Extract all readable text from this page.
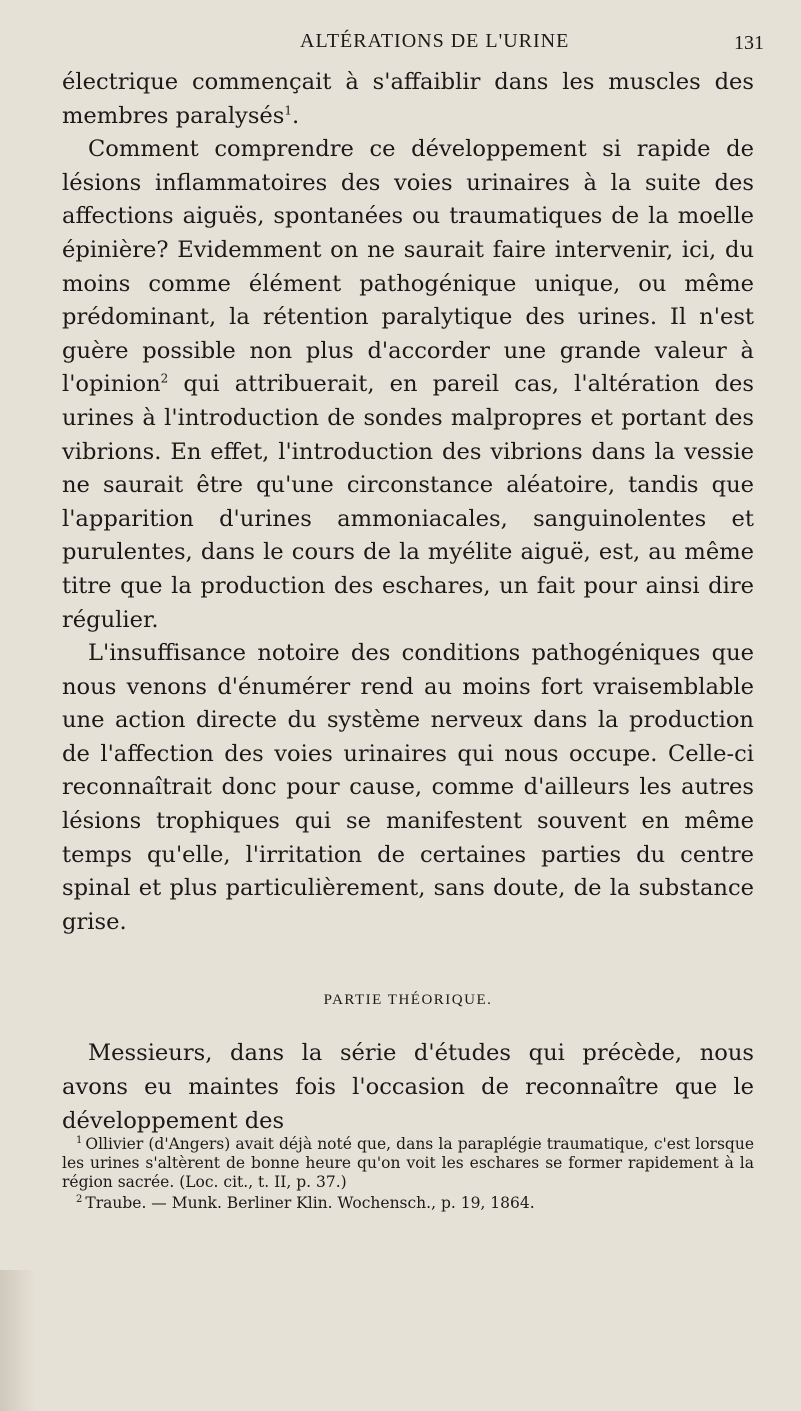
ALTÉRATIONS DE L'URINE	131

électrique commençait à s'affaiblir dans les muscles des membres paralysés$^1$.

Comment comprendre ce développement si rapide de lésions inflammatoires des voies urinaires à la suite des affections aiguës, spontanées ou traumatiques de la moelle épinière? Evidemment on ne saurait faire intervenir, ici, du moins comme élément pathogénique unique, ou même prédominant, la rétention paralytique des urines. Il n'est guère possible non plus d'accorder une grande valeur à l'opinion$^2$ qui attribuerait, en pareil cas, l'altération des urines à l'introduction de sondes malpropres et portant des vibrions. En effet, l'introduction des vibrions dans la vessie ne saurait être qu'une circonstance aléatoire, tandis que l'apparition d'urines ammoniacales, sanguinolentes et purulentes, dans le cours de la myélite aiguë, est, au même titre que la production des eschares, un fait pour ainsi dire régulier.

L'insuffisance notoire des conditions pathogéniques que nous venons d'énumérer rend au moins fort vraisemblable une action directe du système nerveux dans la production de l'affection des voies urinaires qui nous occupe. Celle-ci reconnaîtrait donc pour cause, comme d'ailleurs les autres lésions trophiques qui se manifestent souvent en même temps qu'elle, l'irritation de certaines parties du centre spinal et plus particulièrement, sans doute, de la substance grise.

PARTIE THÉORIQUE.

Messieurs, dans la série d'études qui précède, nous avons eu maintes fois l'occasion de reconnaître que le développement des

$^1$ Ollivier (d'Angers) avait déjà noté que, dans la paraplégie traumatique, c'est lorsque les urines s'altèrent de bonne heure qu'on voit les eschares se former rapidement à la région sacrée. (Loc. cit., t. II, p. 37.)

$^2$ Traube. — Munk. Berliner Klin. Wochensch., p. 19, 1864.
